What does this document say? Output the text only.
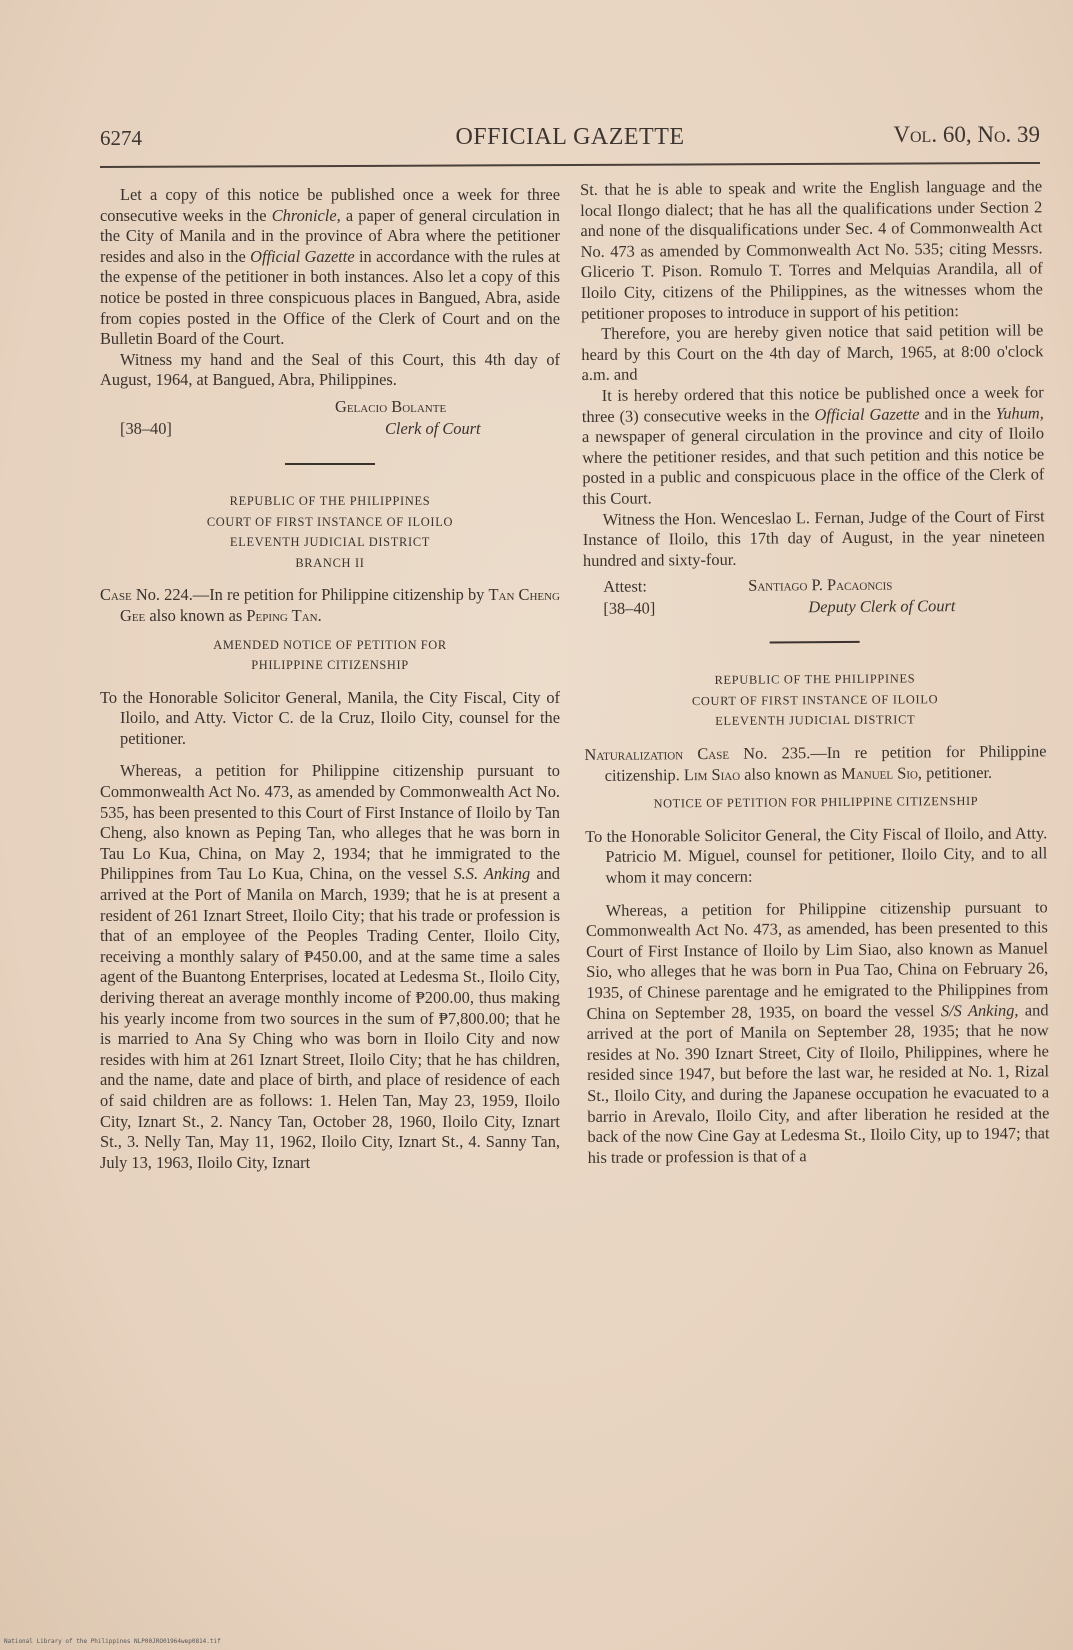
6274	OFFICIAL GAZETTE	Vol. 60, No. 39

Let a copy of this notice be published once a week for three consecutive weeks in the Chronicle, a paper of general circulation in the City of Manila and in the province of Abra where the petitioner resides and also in the Official Gazette in accordance with the rules at the expense of the petitioner in both instances. Also let a copy of this notice be posted in three conspicuous places in Bangued, Abra, aside from copies posted in the Office of the Clerk of Court and on the Bulletin Board of the Court.

Witness my hand and the Seal of this Court, this 4th day of August, 1964, at Bangued, Abra, Philippines.

Gelacio Bolante
[38–40]	Clerk of Court
REPUBLIC OF THE PHILIPPINES
COURT OF FIRST INSTANCE OF ILOILO
ELEVENTH JUDICIAL DISTRICT
BRANCH II

Case No. 224.—In re petition for Philippine citizenship by Tan Cheng Gee also known as Peping Tan.

AMENDED NOTICE OF PETITION FOR
PHILIPPINE CITIZENSHIP

To the Honorable Solicitor General, Manila, the City Fiscal, City of Iloilo, and Atty. Victor C. de la Cruz, Iloilo City, counsel for the petitioner.

Whereas, a petition for Philippine citizenship pursuant to Commonwealth Act No. 473, as amended by Commonwealth Act No. 535, has been presented to this Court of First Instance of Iloilo by Tan Cheng, also known as Peping Tan, who alleges that he was born in Tau Lo Kua, China, on May 2, 1934; that he immigrated to the Philippines from Tau Lo Kua, China, on the vessel S.S. Anking and arrived at the Port of Manila on March, 1939; that he is at present a resident of 261 Iznart Street, Iloilo City; that his trade or profession is that of an employee of the Peoples Trading Center, Iloilo City, receiving a monthly salary of ₱450.00, and at the same time a sales agent of the Buantong Enterprises, located at Ledesma St., Iloilo City, deriving thereat an average monthly income of ₱200.00, thus making his yearly income from two sources in the sum of ₱7,800.00; that he is married to Ana Sy Ching who was born in Iloilo City and now resides with him at 261 Iznart Street, Iloilo City; that he has children, and the name, date and place of birth, and place of residence of each of said children are as follows: 1. Helen Tan, May 23, 1959, Iloilo City, Iznart St., 2. Nancy Tan, October 28, 1960, Iloilo City, Iznart St., 3. Nelly Tan, May 11, 1962, Iloilo City, Iznart St., 4. Sanny Tan, July 13, 1963, Iloilo City, Iznart

St. that he is able to speak and write the English language and the local Ilongo dialect; that he has all the qualifications under Section 2 and none of the disqualifications under Sec. 4 of Commonwealth Act No. 473 as amended by Commonwealth Act No. 535; citing Messrs. Glicerio T. Pison. Romulo T. Torres and Melquias Arandila, all of Iloilo City, citizens of the Philippines, as the witnesses whom the petitioner proposes to introduce in support of his petition:

Therefore, you are hereby given notice that said petition will be heard by this Court on the 4th day of March, 1965, at 8:00 o'clock a.m. and

It is hereby ordered that this notice be published once a week for three (3) consecutive weeks in the Official Gazette and in the Yuhum, a newspaper of general circulation in the province and city of Iloilo where the petitioner resides, and that such petition and this notice be posted in a public and conspicuous place in the office of the Clerk of this Court.

Witness the Hon. Wenceslao L. Fernan, Judge of the Court of First Instance of Iloilo, this 17th day of August, in the year nineteen hundred and sixty-four.

Attest:	Santiago P. Pacaoncis
[38–40]	Deputy Clerk of Court
REPUBLIC OF THE PHILIPPINES
COURT OF FIRST INSTANCE OF ILOILO
ELEVENTH JUDICIAL DISTRICT

Naturalization Case No. 235.—In re petition for Philippine citizenship. Lim Siao also known as Manuel Sio, petitioner.

NOTICE OF PETITION FOR PHILIPPINE CITIZENSHIP

To the Honorable Solicitor General, the City Fiscal of Iloilo, and Atty. Patricio M. Miguel, counsel for petitioner, Iloilo City, and to all whom it may concern:

Whereas, a petition for Philippine citizenship pursuant to Commonwealth Act No. 473, as amended, has been presented to this Court of First Instance of Iloilo by Lim Siao, also known as Manuel Sio, who alleges that he was born in Pua Tao, China on February 26, 1935, of Chinese parentage and he emigrated to the Philippines from China on September 28, 1935, on board the vessel S/S Anking, and arrived at the port of Manila on September 28, 1935; that he now resides at No. 390 Iznart Street, City of Iloilo, Philippines, where he resided since 1947, but before the last war, he resided at No. 1, Rizal St., Iloilo City, and during the Japanese occupation he evacuated to a barrio in Arevalo, Iloilo City, and after liberation he resided at the back of the now Cine Gay at Ledesma St., Iloilo City, up to 1947; that his trade or profession is that of a

National Library of the Philippines NLP00JRO01964wep0814.tif
